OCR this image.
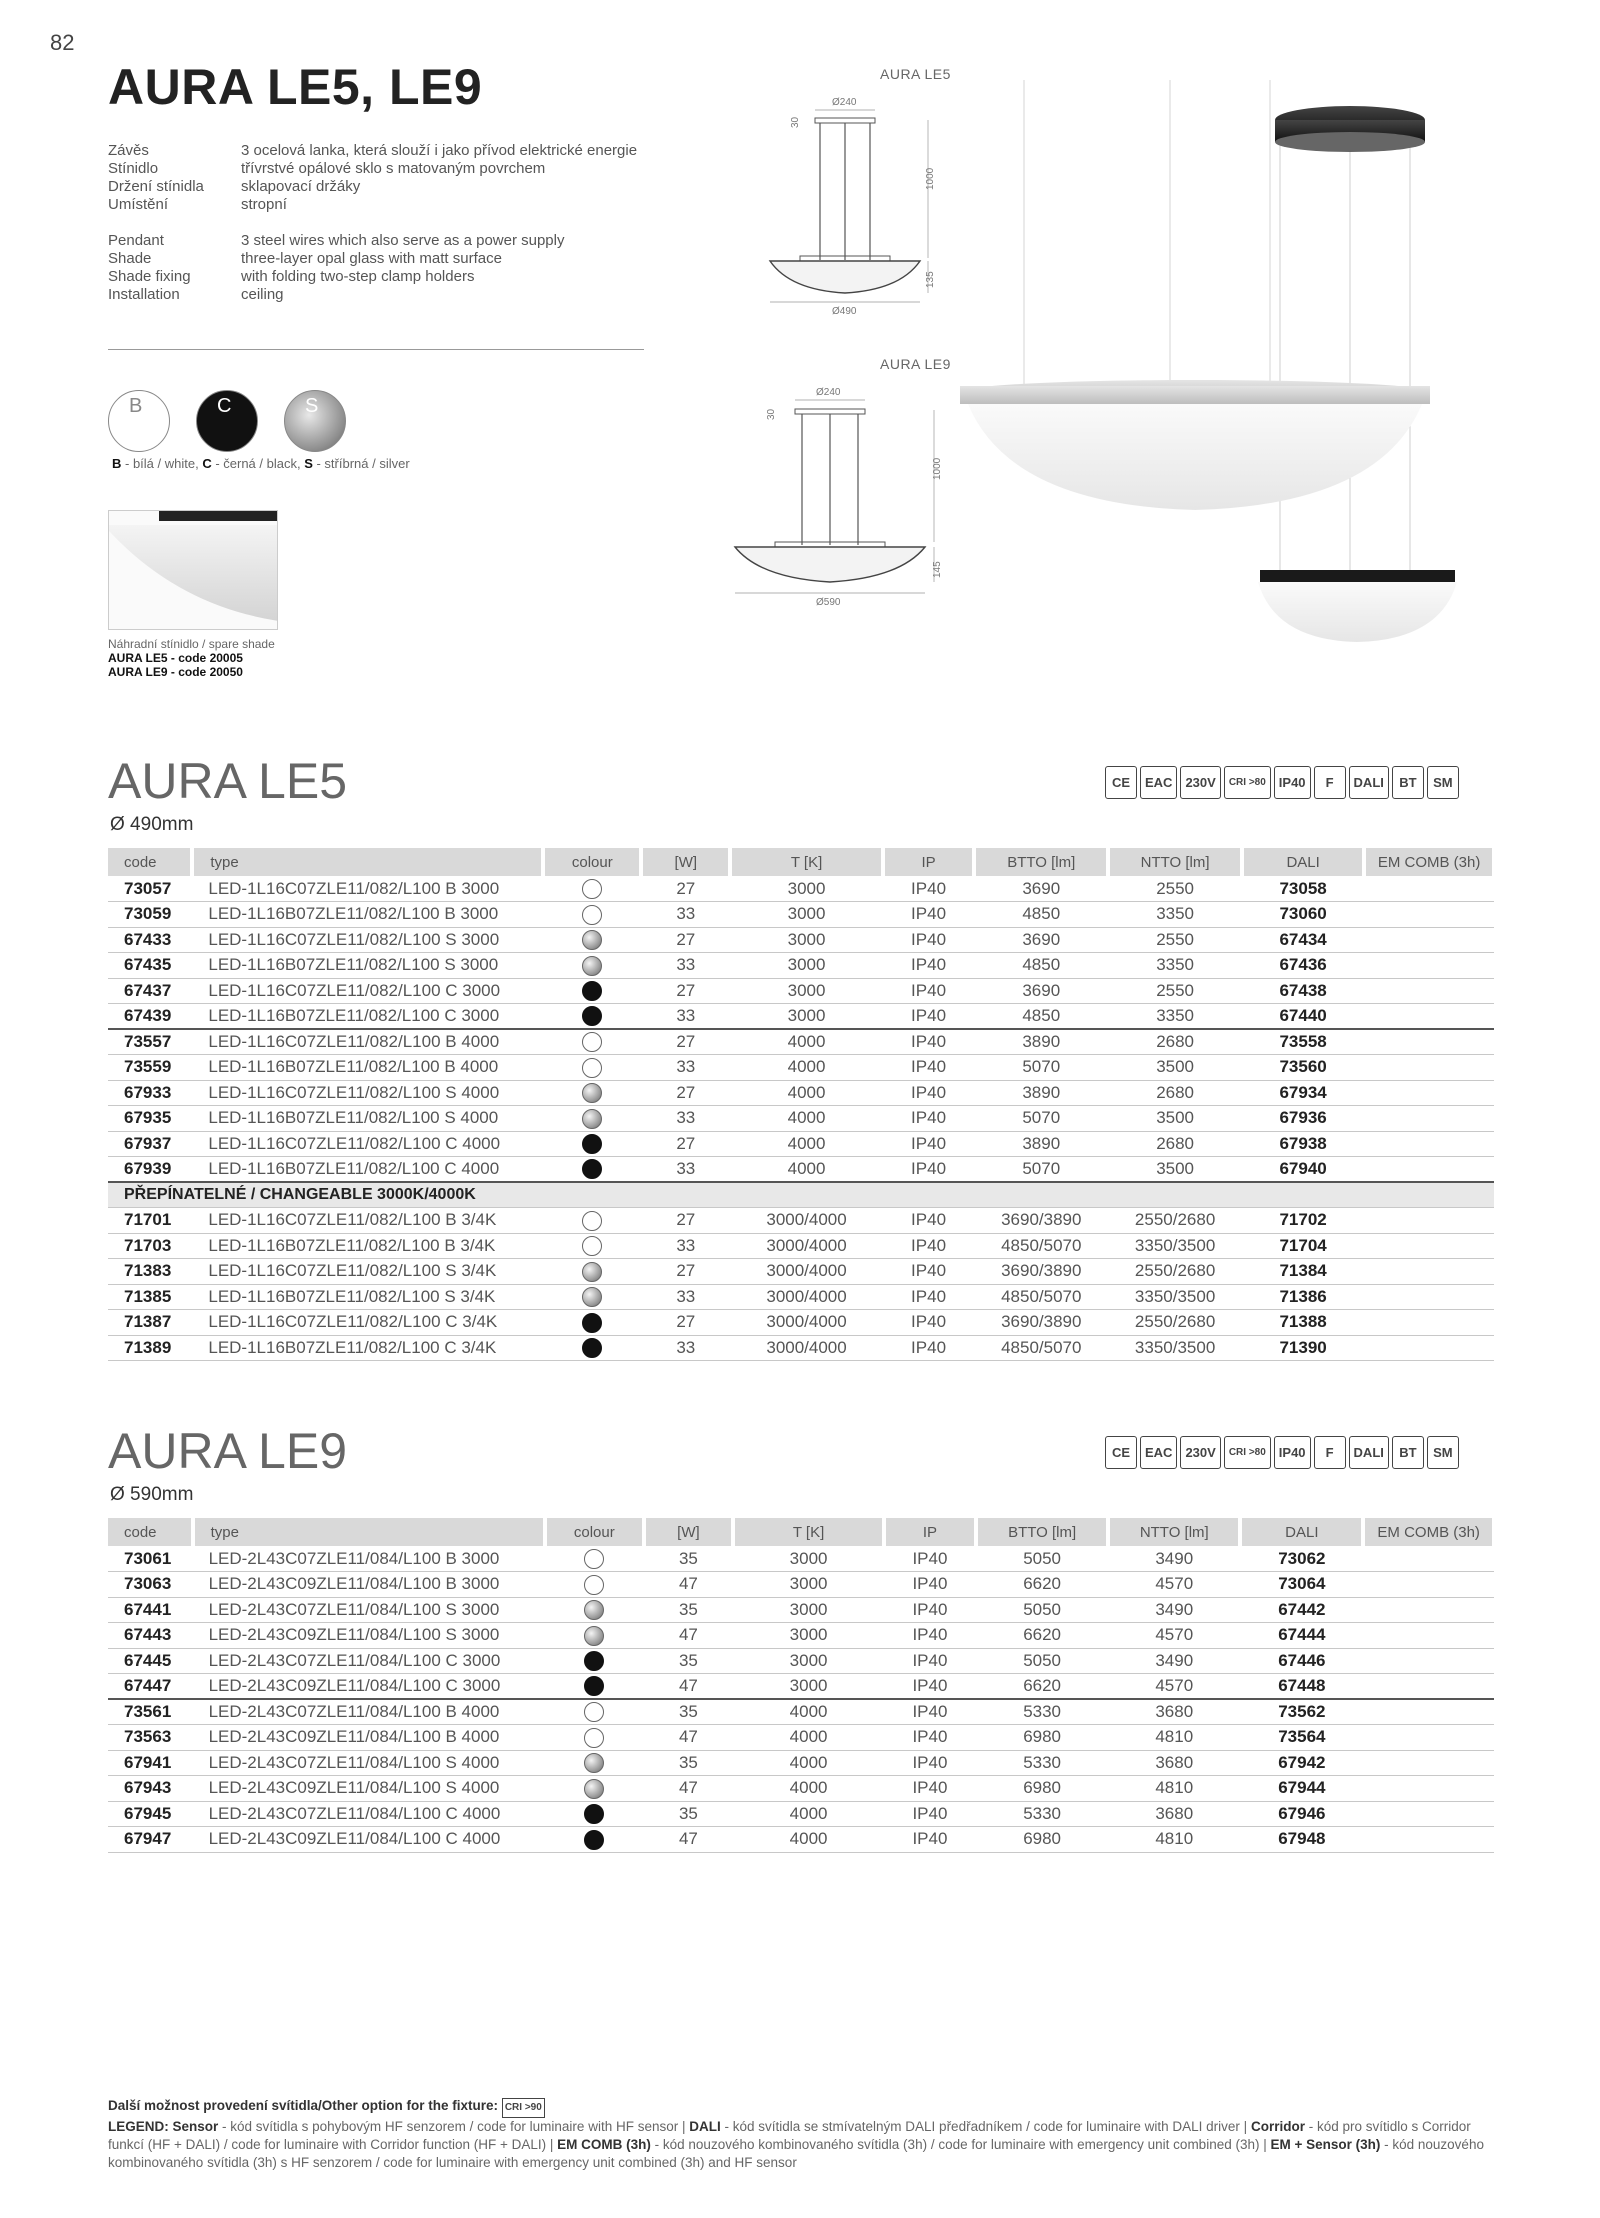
82
AURA LE5, LE9
Závěs	3 ocelová lanka, která slouží i jako přívod elektrické energie
Stínidlo	třívrstvé opálové sklo s matovaným povrchem
Držení stínidla	sklapovací držáky
Umístění	stropní
Pendant	3 steel wires which also serve as a power supply
Shade	three-layer opal glass with matt surface
Shade fixing	with folding two-step clamp holders
Installation	ceiling
B	C	S
B - bílá / white, C - černá / black, S - stříbrná / silver
Náhradní stínidlo / spare shade
AURA LE5 - code 20005
AURA LE9 - code 20050
AURA LE5
Ø240
30
1000
135
Ø490
AURA LE9
Ø240
30
1000
145
Ø590
AURA LE5
Ø 490mm
CE	EAC	230V	CRI >80	IP40	F	DALI	BT	SM
code	type	colour	[W]	T [K]	IP	BTTO [lm]	NTTO [lm]	DALI	EM COMB (3h)
73057	LED-1L16C07ZLE11/082/L100 B 3000		27	3000	IP40	3690	2550	73058	
73059	LED-1L16B07ZLE11/082/L100 B 3000		33	3000	IP40	4850	3350	73060	
67433	LED-1L16C07ZLE11/082/L100 S 3000		27	3000	IP40	3690	2550	67434	
67435	LED-1L16B07ZLE11/082/L100 S 3000		33	3000	IP40	4850	3350	67436	
67437	LED-1L16C07ZLE11/082/L100 C 3000		27	3000	IP40	3690	2550	67438	
67439	LED-1L16B07ZLE11/082/L100 C 3000		33	3000	IP40	4850	3350	67440	
73557	LED-1L16C07ZLE11/082/L100 B 4000		27	4000	IP40	3890	2680	73558	
73559	LED-1L16B07ZLE11/082/L100 B 4000		33	4000	IP40	5070	3500	73560	
67933	LED-1L16C07ZLE11/082/L100 S 4000		27	4000	IP40	3890	2680	67934	
67935	LED-1L16B07ZLE11/082/L100 S 4000		33	4000	IP40	5070	3500	67936	
67937	LED-1L16C07ZLE11/082/L100 C 4000		27	4000	IP40	3890	2680	67938	
67939	LED-1L16B07ZLE11/082/L100 C 4000		33	4000	IP40	5070	3500	67940	
PŘEPÍNATELNÉ / CHANGEABLE 3000K/4000K									
71701	LED-1L16C07ZLE11/082/L100 B 3/4K		27	3000/4000	IP40	3690/3890	2550/2680	71702	
71703	LED-1L16B07ZLE11/082/L100 B 3/4K		33	3000/4000	IP40	4850/5070	3350/3500	71704	
71383	LED-1L16C07ZLE11/082/L100 S 3/4K		27	3000/4000	IP40	3690/3890	2550/2680	71384	
71385	LED-1L16B07ZLE11/082/L100 S 3/4K		33	3000/4000	IP40	4850/5070	3350/3500	71386	
71387	LED-1L16C07ZLE11/082/L100 C 3/4K		27	3000/4000	IP40	3690/3890	2550/2680	71388	
71389	LED-1L16B07ZLE11/082/L100 C 3/4K		33	3000/4000	IP40	4850/5070	3350/3500	71390	
AURA LE9
Ø 590mm
CE	EAC	230V	CRI >80	IP40	F	DALI	BT	SM
code	type	colour	[W]	T [K]	IP	BTTO [lm]	NTTO [lm]	DALI	EM COMB (3h)
73061	LED-2L43C07ZLE11/084/L100 B 3000		35	3000	IP40	5050	3490	73062	
73063	LED-2L43C09ZLE11/084/L100 B 3000		47	3000	IP40	6620	4570	73064	
67441	LED-2L43C07ZLE11/084/L100 S 3000		35	3000	IP40	5050	3490	67442	
67443	LED-2L43C09ZLE11/084/L100 S 3000		47	3000	IP40	6620	4570	67444	
67445	LED-2L43C07ZLE11/084/L100 C 3000		35	3000	IP40	5050	3490	67446	
67447	LED-2L43C09ZLE11/084/L100 C 3000		47	3000	IP40	6620	4570	67448	
73561	LED-2L43C07ZLE11/084/L100 B 4000		35	4000	IP40	5330	3680	73562	
73563	LED-2L43C09ZLE11/084/L100 B 4000		47	4000	IP40	6980	4810	73564	
67941	LED-2L43C07ZLE11/084/L100 S 4000		35	4000	IP40	5330	3680	67942	
67943	LED-2L43C09ZLE11/084/L100 S 4000		47	4000	IP40	6980	4810	67944	
67945	LED-2L43C07ZLE11/084/L100 C 4000		35	4000	IP40	5330	3680	67946	
67947	LED-2L43C09ZLE11/084/L100 C 4000		47	4000	IP40	6980	4810	67948	
Další možnost provedení svítidla/Other option for the fixture: CRI >90
LEGEND: Sensor - kód svítidla s pohybovým HF senzorem / code for luminaire with HF sensor | DALI - kód svítidla se stmívatelným DALI předřadníkem / code for luminaire with DALI driver | Corridor - kód pro svítidlo s Corridor funkcí (HF + DALI) / code for luminaire with Corridor function (HF + DALI) | EM COMB (3h) - kód nouzového kombinovaného svítidla (3h) / code for luminaire with emergency unit combined (3h) | EM + Sensor (3h) - kód nouzového kombinovaného svítidla (3h) s HF senzorem / code for luminaire with emergency unit combined (3h) and HF sensor
